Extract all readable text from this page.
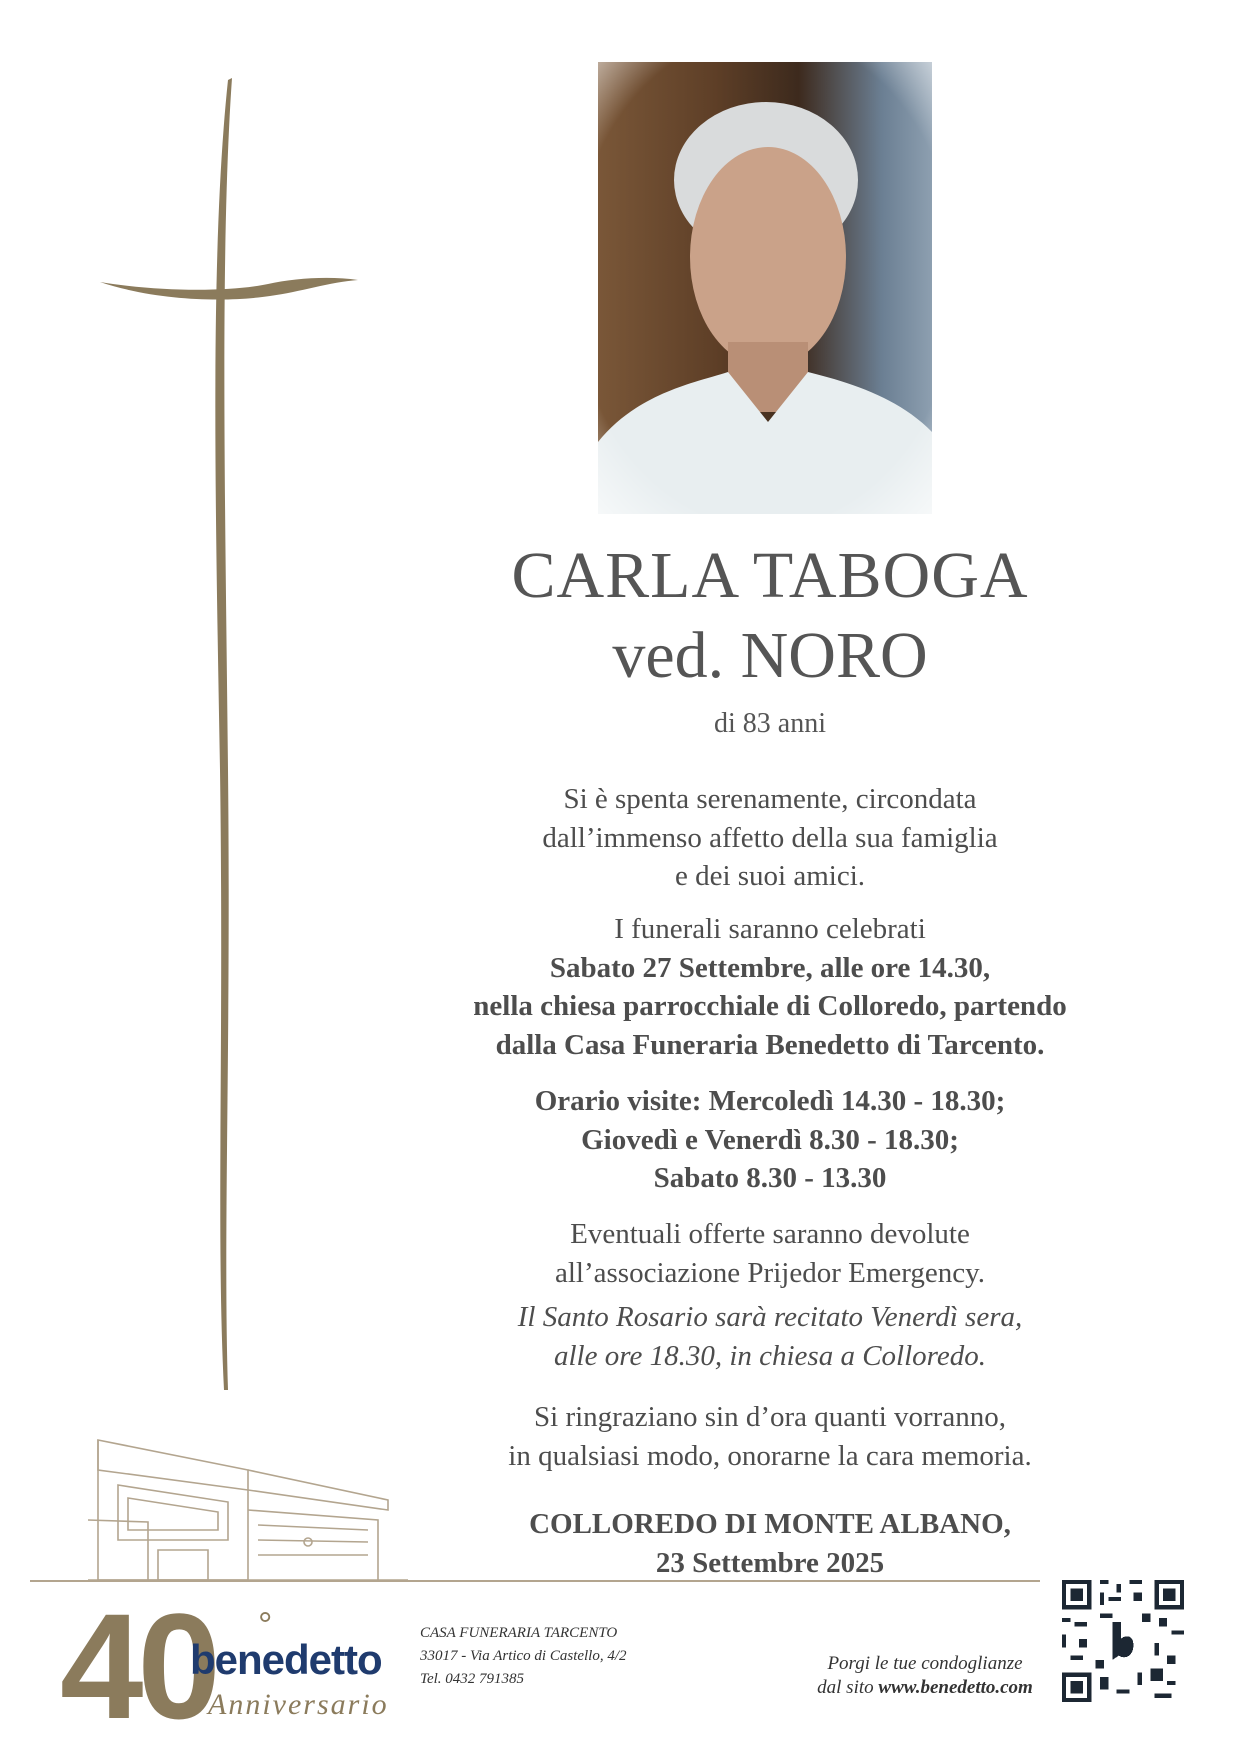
CARLA TABOGA
ved. NORO
di 83 anni
Si è spenta serenamente, circondata
dall’immenso affetto della sua famiglia
e dei suoi amici.
I funerali saranno celebrati
Sabato 27 Settembre, alle ore 14.30,
nella chiesa parrocchiale di Colloredo, partendo
dalla Casa Funeraria Benedetto di Tarcento.
Orario visite: Mercoledì 14.30 - 18.30;
Giovedì e Venerdì 8.30 - 18.30;
Sabato 8.30 - 13.30
Eventuali offerte saranno devolute
all’associazione Prijedor Emergency.
Il Santo Rosario sarà recitato Venerdì sera,
alle ore 18.30, in chiesa a Colloredo.
Si ringraziano sin d’ora quanti vorranno,
in qualsiasi modo, onorarne la cara memoria.
COLLOREDO DI MONTE ALBANO,
23 Settembre 2025
40 °
benedetto
Anniversario
CASA FUNERARIA TARCENTO
33017 - Via Artico di Castello, 4/2
Tel. 0432 791385
Porgi le tue condoglianze
dal sito www.benedetto.com
